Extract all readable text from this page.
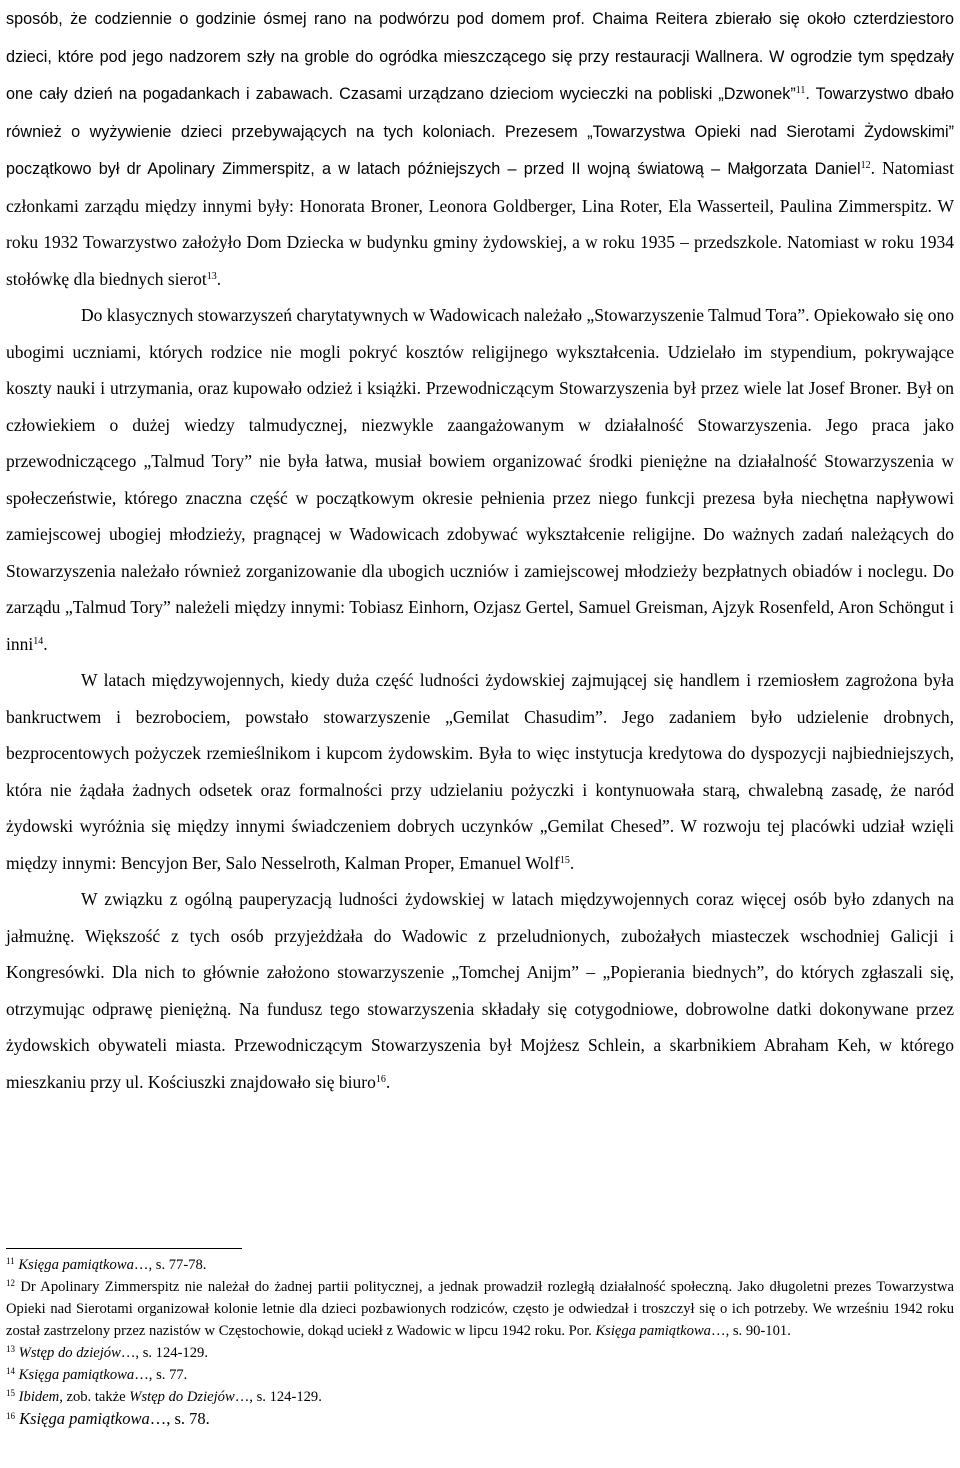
sposób, że codziennie o godzinie ósmej rano na podwórzu pod domem prof. Chaima Reitera zbierało się około czterdziestoro dzieci, które pod jego nadzorem szły na groble do ogródka mieszczącego się przy restauracji Wallnera. W ogrodzie tym spędzały one cały dzień na pogadankach i zabawach. Czasami urządzano dzieciom wycieczki na pobliski „Dzwonek”$^{11}$. Towarzystwo dbało również o wyżywienie dzieci przebywających na tych koloniach. Prezesem „Towarzystwa Opieki nad Sierotami Żydowskimi” początkowo był dr Apolinary Zimmerspitz, a w latach późniejszych – przed II wojną światową – Małgorzata Daniel$^{12}$. Natomiast członkami zarządu między innymi były: Honorata Broner, Leonora Goldberger, Lina Roter, Ela Wasserteil, Paulina Zimmerspitz. W roku 1932 Towarzystwo założyło Dom Dziecka w budynku gminy żydowskiej, a w roku 1935 – przedszkole. Natomiast w roku 1934 stołówkę dla biednych sierot$^{13}$.

Do klasycznych stowarzyszeń charytatywnych w Wadowicach należało „Stowarzyszenie Talmud Tora”. Opiekowało się ono ubogimi uczniami, których rodzice nie mogli pokryć kosztów religijnego wykształcenia. Udzielało im stypendium, pokrywające koszty nauki i utrzymania, oraz kupowało odzież i książki. Przewodniczącym Stowarzyszenia był przez wiele lat Josef Broner. Był on człowiekiem o dużej wiedzy talmudycznej, niezwykle zaangażowanym w działalność Stowarzyszenia. Jego praca jako przewodniczącego „Talmud Tory” nie była łatwa, musiał bowiem organizować środki pieniężne na działalność Stowarzyszenia w społeczeństwie, którego znaczna część w początkowym okresie pełnienia przez niego funkcji prezesa była niechętna napływowi zamiejscowej ubogiej młodzieży, pragnącej w Wadowicach zdobywać wykształcenie religijne. Do ważnych zadań należących do Stowarzyszenia należało również zorganizowanie dla ubogich uczniów i zamiejscowej młodzieży bezpłatnych obiadów i noclegu. Do zarządu „Talmud Tory” należeli między innymi: Tobiasz Einhorn, Ozjasz Gertel, Samuel Greisman, Ajzyk Rosenfeld, Aron Schöngut i inni$^{14}$.

W latach międzywojennych, kiedy duża część ludności żydowskiej zajmującej się handlem i rzemiosłem zagrożona była bankructwem i bezrobociem, powstało stowarzyszenie „Gemilat Chasudim”. Jego zadaniem było udzielenie drobnych, bezprocentowych pożyczek rzemieślnikom i kupcom żydowskim. Była to więc instytucja kredytowa do dyspozycji najbiedniejszych, która nie żądała żadnych odsetek oraz formalności przy udzielaniu pożyczki i kontynuowała starą, chwalebną zasadę, że naród żydowski wyróżnia się między innymi świadczeniem dobrych uczynków „Gemilat Chesed”. W rozwoju tej placówki udział wzięli między innymi: Bencyjon Ber, Salo Nesselroth, Kalman Proper, Emanuel Wolf$^{15}$.

W związku z ogólną pauperyzacją ludności żydowskiej w latach międzywojennych coraz więcej osób było zdanych na jałmużnę. Większość z tych osób przyjeżdżała do Wadowic z przeludnionych, zubożałych miasteczek wschodniej Galicji i Kongresówki. Dla nich to głównie założono stowarzyszenie „Tomchej Anijm” – „Popierania biednych”, do których zgłaszali się, otrzymując odprawę pieniężną. Na fundusz tego stowarzyszenia składały się cotygodniowe, dobrowolne datki dokonywane przez żydowskich obywateli miasta. Przewodniczącym Stowarzyszenia był Mojżesz Schlein, a skarbnikiem Abraham Keh, w którego mieszkaniu przy ul. Kościuszki znajdowało się biuro$^{16}$.

$^{11}$ Księga pamiątkowa…, s. 77-78.

$^{12}$ Dr Apolinary Zimmerspitz nie należał do żadnej partii politycznej, a jednak prowadził rozległą działalność społeczną. Jako długoletni prezes Towarzystwa Opieki nad Sierotami organizował kolonie letnie dla dzieci pozbawionych rodziców, często je odwiedzał i troszczył się o ich potrzeby. We wrześniu 1942 roku został zastrzelony przez nazistów w Częstochowie, dokąd uciekł z Wadowic w lipcu 1942 roku. Por. Księga pamiątkowa…, s. 90-101.

$^{13}$ Wstęp do dziejów…, s. 124-129.

$^{14}$ Księga pamiątkowa…, s. 77.

$^{15}$ Ibidem, zob. także Wstęp do Dziejów…, s. 124-129.

$^{16}$ Księga pamiątkowa…, s. 78.
